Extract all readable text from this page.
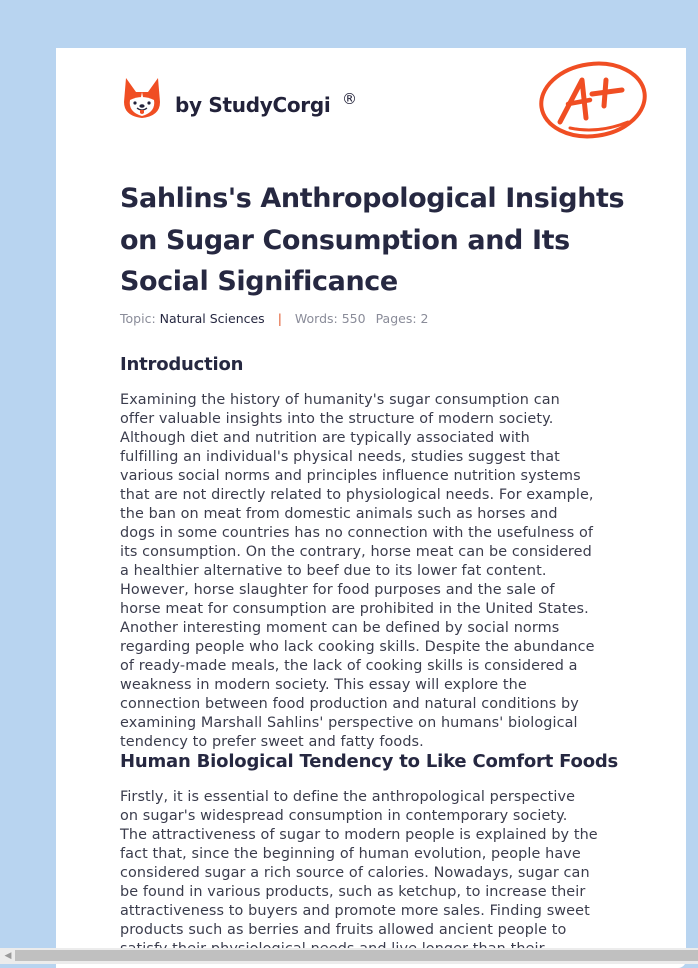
by StudyCorgi ®
Sahlins's Anthropological Insights
on Sugar Consumption and Its
Social Significance
Topic: Natural Sciences | Words: 550 Pages: 2
Introduction

Examining the history of humanity's sugar consumption can
offer valuable insights into the structure of modern society.
Although diet and nutrition are typically associated with
fulfilling an individual's physical needs, studies suggest that
various social norms and principles influence nutrition systems
that are not directly related to physiological needs. For example,
the ban on meat from domestic animals such as horses and
dogs in some countries has no connection with the usefulness of
its consumption. On the contrary, horse meat can be considered
a healthier alternative to beef due to its lower fat content.
However, horse slaughter for food purposes and the sale of
horse meat for consumption are prohibited in the United States.
Another interesting moment can be defined by social norms
regarding people who lack cooking skills. Despite the abundance
of ready-made meals, the lack of cooking skills is considered a
weakness in modern society. This essay will explore the
connection between food production and natural conditions by
examining Marshall Sahlins' perspective on humans' biological
tendency to prefer sweet and fatty foods.

Human Biological Tendency to Like Comfort Foods

Firstly, it is essential to define the anthropological perspective
on sugar's widespread consumption in contemporary society.
The attractiveness of sugar to modern people is explained by the
fact that, since the beginning of human evolution, people have
considered sugar a rich source of calories. Nowadays, sugar can
be found in various products, such as ketchup, to increase their
attractiveness to buyers and promote more sales. Finding sweet
products such as berries and fruits allowed ancient people to

◀
